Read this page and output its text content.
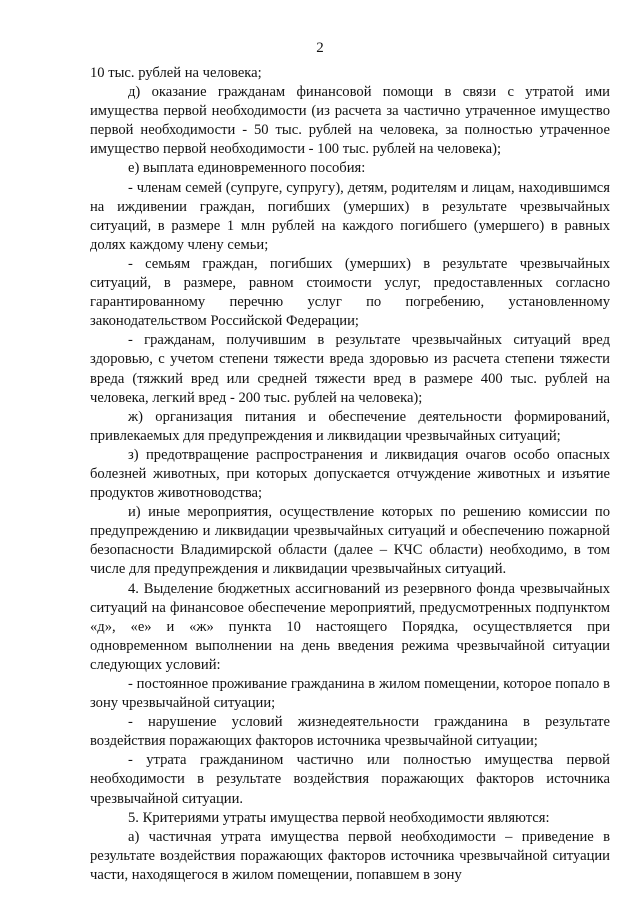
2

10 тыс. рублей на человека;

д) оказание гражданам финансовой помощи в связи с утратой ими имущества первой необходимости (из расчета за частично утраченное имущество первой необходимости - 50 тыс. рублей на человека, за полностью утраченное имущество первой необходимости - 100 тыс. рублей на человека);

е) выплата единовременного пособия:

- членам семей (супруге, супругу), детям, родителям и лицам, находившимся на иждивении граждан, погибших (умерших) в результате чрезвычайных ситуаций, в размере 1 млн рублей на каждого погибшего (умершего) в равных долях каждому члену семьи;

- семьям граждан, погибших (умерших) в результате чрезвычайных ситуаций, в размере, равном стоимости услуг, предоставленных согласно гарантированному перечню услуг по погребению, установленному законодательством Российской Федерации;

- гражданам, получившим в результате чрезвычайных ситуаций вред здоровью, с учетом степени тяжести вреда здоровью из расчета степени тяжести вреда (тяжкий вред или средней тяжести вред в размере 400 тыс. рублей на человека, легкий вред - 200 тыс. рублей на человека);

ж) организация питания и обеспечение деятельности формирований, привлекаемых для предупреждения и ликвидации чрезвычайных ситуаций;

з) предотвращение распространения и ликвидация очагов особо опасных болезней животных, при которых допускается отчуждение животных и изъятие продуктов животноводства;

и) иные мероприятия, осуществление которых по решению комиссии по предупреждению и ликвидации чрезвычайных ситуаций и обеспечению пожарной безопасности Владимирской области (далее – КЧС области) необходимо, в том числе для предупреждения и ликвидации чрезвычайных ситуаций.

4. Выделение бюджетных ассигнований из резервного фонда чрезвычайных ситуаций на финансовое обеспечение мероприятий, предусмотренных подпунктом «д», «е» и «ж» пункта 10 настоящего Порядка, осуществляется при одновременном выполнении на день введения режима чрезвычайной ситуации следующих условий:

- постоянное проживание гражданина в жилом помещении, которое попало в зону чрезвычайной ситуации;

- нарушение условий жизнедеятельности гражданина в результате воздействия поражающих факторов источника чрезвычайной ситуации;

- утрата гражданином частично или полностью имущества первой необходимости в результате воздействия поражающих факторов источника чрезвычайной ситуации.

5. Критериями утраты имущества первой необходимости являются:

а) частичная утрата имущества первой необходимости – приведение в результате воздействия поражающих факторов источника чрезвычайной ситуации части, находящегося в жилом помещении, попавшем в зону
